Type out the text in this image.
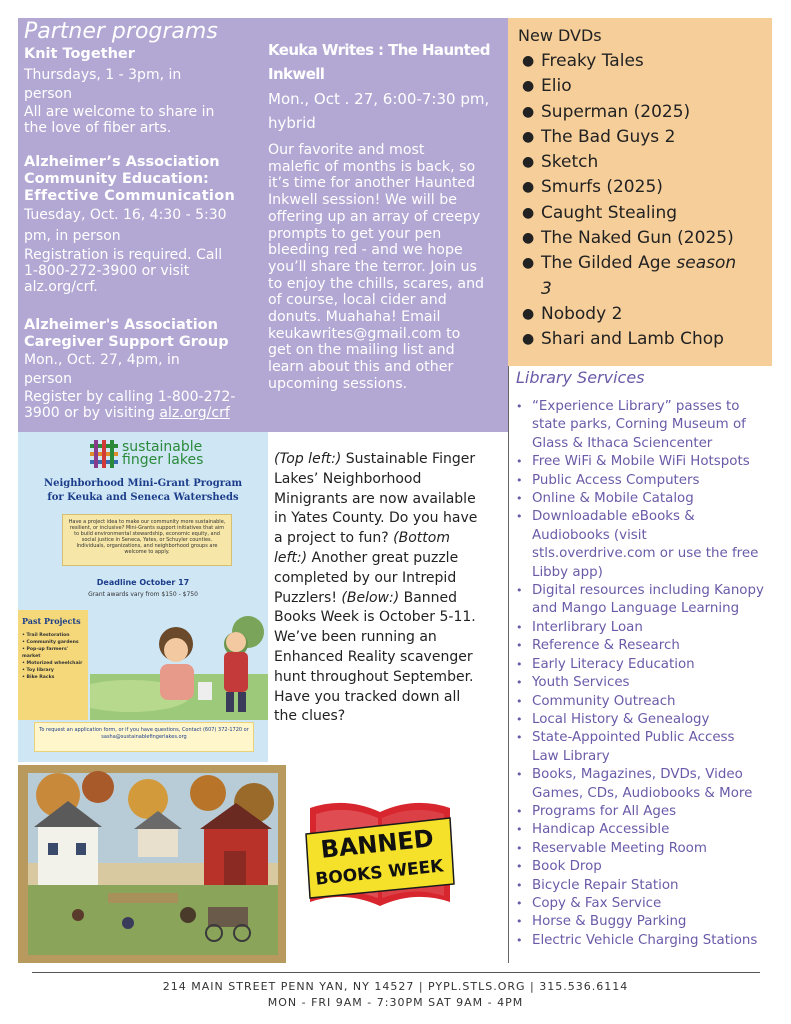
Partner programs
Knit Together
Thursdays, 1 - 3pm, in
person
All are welcome to share in
the love of fiber arts.
Alzheimer’s Association
Community Education:
Effective Communication
Tuesday, Oct. 16, 4:30 - 5:30
pm, in person
Registration is required. Call
1-800-272-3900 or visit
alz.org/crf.
Alzheimer's Association
Caregiver Support Group
Mon., Oct. 27, 4pm, in
person
Register by calling 1-800-272-
3900 or by visiting alz.org/crf
Keuka Writes : The Haunted
Inkwell
Mon., Oct . 27, 6:00-7:30 pm,
hybrid
Our favorite and most
malefic of months is back, so
it’s time for another Haunted
Inkwell session! We will be
offering up an array of creepy
prompts to get your pen
bleeding red - and we hope
you’ll share the terror. Join us
to enjoy the chills, scares, and
of course, local cider and
donuts. Muahaha! Email
keukawrites@gmail.com to
get on the mailing list and
learn about this and other
upcoming sessions.
New DVDs
● Freaky Tales
● Elio
● Superman (2025)
● The Bad Guys 2
● Sketch
● Smurfs (2025)
● Caught Stealing
● The Naked Gun (2025)
● The Gilded Age season
3
● Nobody 2
● Shari and Lamb Chop
Library Services
• “Experience Library” passes to
state parks, Corning Museum of
Glass & Ithaca Sciencenter
• Free WiFi & Mobile WiFi Hotspots
• Public Access Computers
• Online & Mobile Catalog
• Downloadable eBooks &
Audiobooks (visit
stls.overdrive.com or use the free
Libby app)
• Digital resources including Kanopy
and Mango Language Learning
• Interlibrary Loan
• Reference & Research
• Early Literacy Education
• Youth Services
• Community Outreach
• Local History & Genealogy
• State-Appointed Public Access
Law Library
• Books, Magazines, DVDs, Video
Games, CDs, Audiobooks & More
• Programs for All Ages
• Handicap Accessible
• Reservable Meeting Room
• Book Drop
• Bicycle Repair Station
• Copy & Fax Service
• Horse & Buggy Parking
• Electric Vehicle Charging Stations
sustainable
finger lakes
Neighborhood Mini-Grant Program
for Keuka and Seneca Watersheds

Have a project idea to make our community more sustainable, resilient, or inclusive? Mini-Grants support initiatives that aim to build environmental stewardship, economic equity, and social justice in Seneca, Yates, or Schuyler counties. Individuals, organizations, and neighborhood groups are welcome to apply.

Deadline October 17
Grant awards vary from $150 - $750
Past Projects
• Trail Restoration
• Community gardens
• Pop-up farmers' market
• Motorized wheelchair
• Toy library
• Bike Racks

To request an application form, or if you have questions, Contact (607) 372-1720 or sasha@sustainablefingerlakes.org

(Top left:) Sustainable Finger
Lakes’ Neighborhood
Minigrants are now available
in Yates County. Do you have
a project to fun? (Bottom
left:) Another great puzzle
completed by our Intrepid
Puzzlers! (Below:) Banned
Books Week is October 5-11.
We’ve been running an
Enhanced Reality scavenger
hunt throughout September.
Have you tracked down all
the clues?
BANNED
BOOKS WEEK
214 MAIN STREET PENN YAN, NY 14527 | PYPL.STLS.ORG | 315.536.6114
MON - FRI 9AM - 7:30PM SAT 9AM - 4PM
